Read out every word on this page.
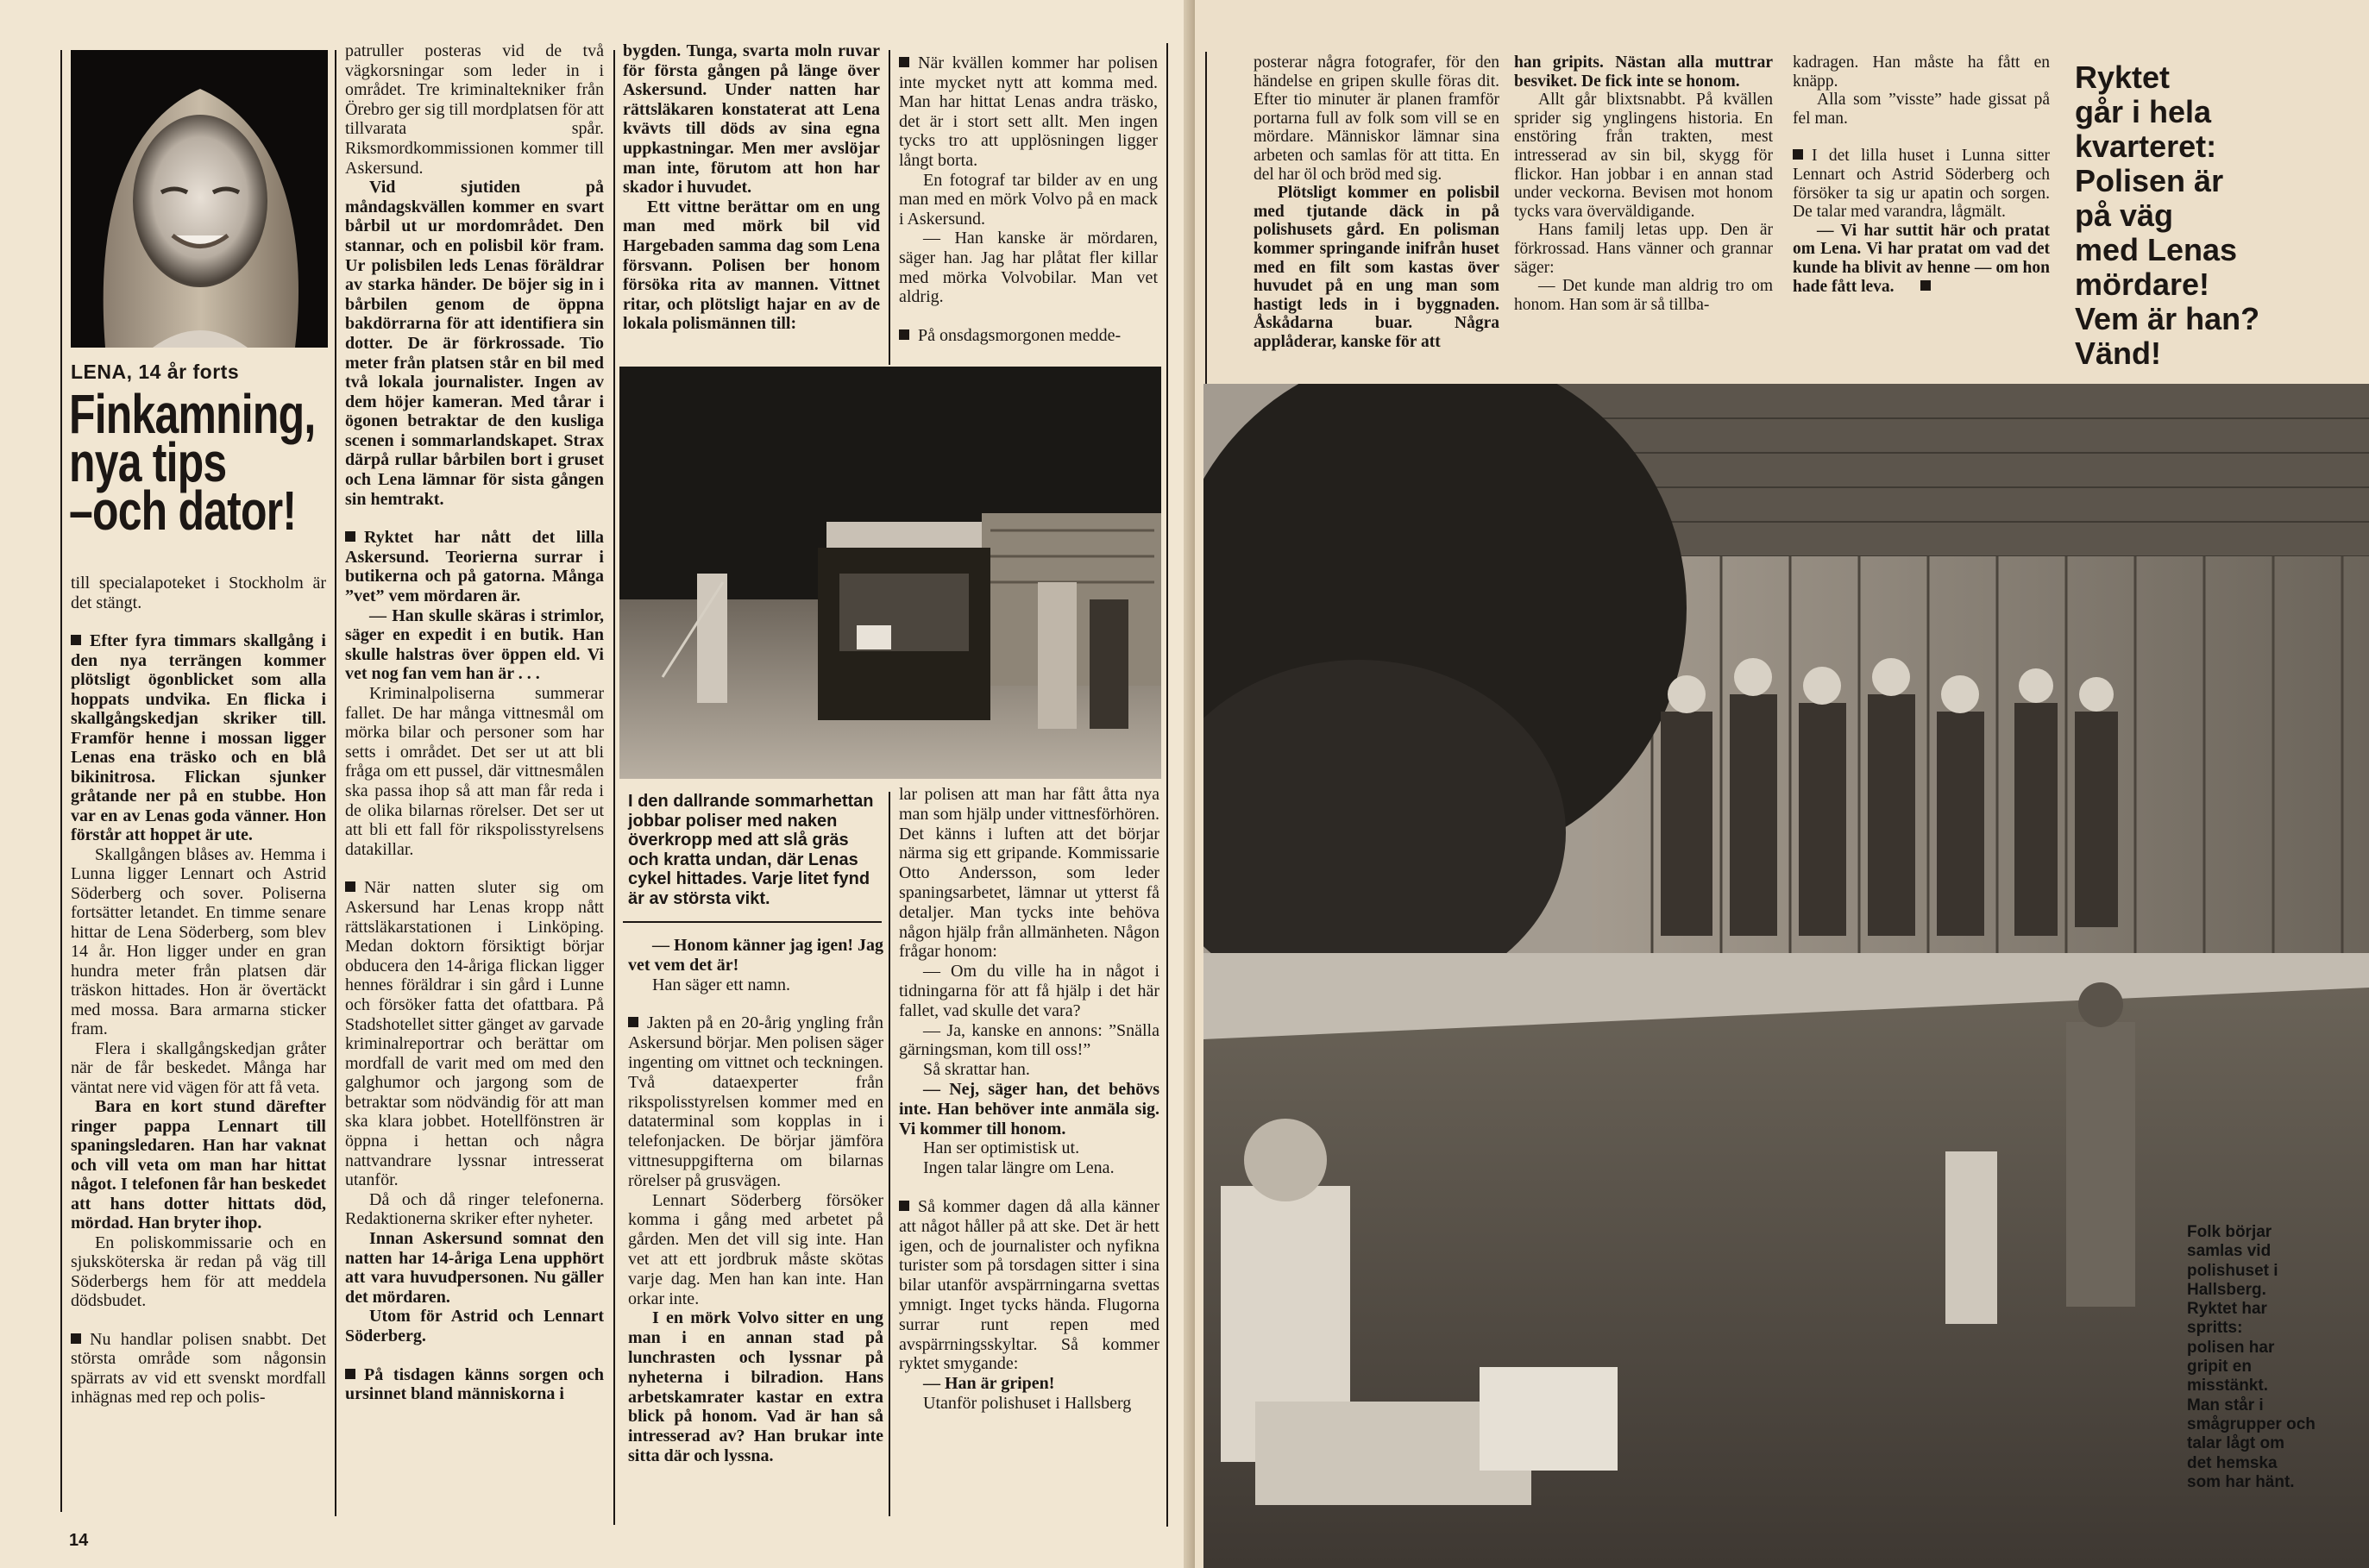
LENA, 14 år forts
Finkamning,
nya tips
–och dator!

till specialapoteket i Stockholm är det stängt.

Efter fyra timmars skallgång i den nya terrängen kommer plötsligt ögonblicket som alla hoppats undvika. En flicka i skallgångskedjan skriker till. Framför henne i mossan ligger Lenas ena träsko och en blå bikinitrosa. Flickan sjunker gråtande ner på en stubbe. Hon var en av Lenas goda vänner. Hon förstår att hoppet är ute.

Skallgången blåses av. Hemma i Lunna ligger Lennart och Astrid Söderberg och sover. Poliserna fortsätter letandet. En timme senare hittar de Lena Söderberg, som blev 14 år. Hon ligger under en gran hundra meter från platsen där träskon hittades. Hon är övertäckt med mossa. Bara armarna sticker fram.

Flera i skallgångskedjan gråter när de får beskedet. Många har väntat nere vid vägen för att få veta.

Bara en kort stund därefter ringer pappa Lennart till spaningsledaren. Han har vaknat och vill veta om man har hittat något. I telefonen får han beskedet att hans dotter hittats död, mördad. Han bryter ihop.

En poliskommissarie och en sjuksköterska är redan på väg till Söderbergs hem för att meddela dödsbudet.

Nu handlar polisen snabbt. Det största område som någonsin spärrats av vid ett svenskt mordfall inhägnas med rep och polis-

patruller posteras vid de två vägkorsningar som leder in i området. Tre kriminaltekniker från Örebro ger sig till mordplatsen för att tillvarata spår. Riksmordkommissionen kommer till Askersund.

Vid sjutiden på måndagskvällen kommer en svart bårbil ut ur mordområdet. Den stannar, och en polisbil kör fram. Ur polisbilen leds Lenas föräldrar av starka händer. De böjer sig in i bårbilen genom de öppna bakdörrarna för att identifiera sin dotter. De är förkrossade. Tio meter från platsen står en bil med två lokala journalister. Ingen av dem höjer kameran. Med tårar i ögonen betraktar de den kusliga scenen i sommarlandskapet. Strax därpå rullar bårbilen bort i gruset och Lena lämnar för sista gången sin hemtrakt.

Ryktet har nått det lilla Askersund. Teorierna surrar i butikerna och på gatorna. Många ”vet” vem mördaren är.

— Han skulle skäras i strimlor, säger en expedit i en butik. Han skulle halstras över öppen eld. Vi vet nog fan vem han är . . .

Kriminalpoliserna summerar fallet. De har många vittnesmål om mörka bilar och personer som har setts i området. Det ser ut att bli fråga om ett pussel, där vittnesmålen ska passa ihop så att man får reda i de olika bilarnas rörelser. Det ser ut att bli ett fall för rikspolisstyrelsens datakillar.

När natten sluter sig om Askersund har Lenas kropp nått rättsläkarstationen i Linköping. Medan doktorn försiktigt börjar obducera den 14-åriga flickan ligger hennes föräldrar i sin gård i Lunne och försöker fatta det ofattbara. På Stadshotellet sitter gänget av garvade kriminalreportrar och berättar om mordfall de varit med om med den galghumor och jargong som de betraktar som nödvändig för att man ska klara jobbet. Hotellfönstren är öppna i hettan och några nattvandrare lyssnar intresserat utanför.

Då och då ringer telefonerna. Redaktionerna skriker efter nyheter.

Innan Askersund somnat den natten har 14-åriga Lena upphört att vara huvudpersonen. Nu gäller det mördaren.

Utom för Astrid och Lennart Söderberg.

På tisdagen känns sorgen och ursinnet bland människorna i

bygden. Tunga, svarta moln ruvar för första gången på länge över Askersund. Under natten har rättsläkaren konstaterat att Lena kvävts till döds av sina egna uppkastningar. Men mer avslöjar man inte, förutom att hon har skador i huvudet.

Ett vittne berättar om en ung man med mörk bil vid Hargebaden samma dag som Lena försvann. Polisen ber honom försöka rita av mannen. Vittnet ritar, och plötsligt hajar en av de lokala polismännen till:

När kvällen kommer har polisen inte mycket nytt att komma med. Man har hittat Lenas andra träsko, det är i stort sett allt. Men ingen tycks tro att upplösningen ligger långt borta.

En fotograf tar bilder av en ung man med en mörk Volvo på en mack i Askersund.

— Han kanske är mördaren, säger han. Jag har plåtat fler killar med mörka Volvobilar. Man vet aldrig.

På onsdagsmorgonen medde-

I den dallrande sommarhettan jobbar poliser med naken överkropp med att slå gräs och kratta undan, där Lenas cykel hittades. Varje litet fynd är av största vikt.

— Honom känner jag igen! Jag vet vem det är!

Han säger ett namn.

Jakten på en 20-årig yngling från Askersund börjar. Men polisen säger ingenting om vittnet och teckningen. Två dataexperter från rikspolisstyrelsen kommer med en dataterminal som kopplas in i telefonjacken. De börjar jämföra vittnesuppgifterna om bilarnas rörelser på grusvägen.

Lennart Söderberg försöker komma i gång med arbetet på gården. Men det vill sig inte. Han vet att ett jordbruk måste skötas varje dag. Men han kan inte. Han orkar inte.

I en mörk Volvo sitter en ung man i en annan stad på lunchrasten och lyssnar på nyheterna i bilradion. Hans arbetskamrater kastar en extra blick på honom. Vad är han så intresserad av? Han brukar inte sitta där och lyssna.

lar polisen att man har fått åtta nya man som hjälp under vittnesförhören. Det känns i luften att det börjar närma sig ett gripande. Kommissarie Otto Andersson, som leder spaningsarbetet, lämnar ut ytterst få detaljer. Man tycks inte behöva någon hjälp från allmänheten. Någon frågar honom:

— Om du ville ha in något i tidningarna för att få hjälp i det här fallet, vad skulle det vara?

— Ja, kanske en annons: ”Snälla gärningsman, kom till oss!”

Så skrattar han.

— Nej, säger han, det behövs inte. Han behöver inte anmäla sig. Vi kommer till honom.

Han ser optimistisk ut.

Ingen talar längre om Lena.

Så kommer dagen då alla känner att något håller på att ske. Det är hett igen, och de journalister och nyfikna turister som på torsdagen sitter i sina bilar utanför avspärrningarna svettas ymnigt. Inget tycks hända. Flugorna surrar runt repen med avspärrningsskyltar. Så kommer ryktet smygande:

— Han är gripen!

Utanför polishuset i Hallsberg

14

posterar några fotografer, för den händelse en gripen skulle föras dit. Efter tio minuter är planen framför portarna full av folk som vill se en mördare. Människor lämnar sina arbeten och samlas för att titta. En del har öl och bröd med sig.

Plötsligt kommer en polisbil med tjutande däck in på polishusets gård. En polisman kommer springande inifrån huset med en filt som kastas över huvudet på en ung man som hastigt leds in i byggnaden. Åskådarna buar. Några applåderar, kanske för att

han gripits. Nästan alla muttrar besviket. De fick inte se honom.

Allt går blixtsnabbt. På kvällen sprider sig ynglingens historia. En enstöring från trakten, mest intresserad av sin bil, skygg för flickor. Han jobbar i en annan stad under veckorna. Bevisen mot honom tycks vara överväldigande.

Hans familj letas upp. Den är förkrossad. Hans vänner och grannar säger:

— Det kunde man aldrig tro om honom. Han som är så tillba-

kadragen. Han måste ha fått en knäpp.

Alla som ”visste” hade gissat på fel man.

I det lilla huset i Lunna sitter Lennart och Astrid Söderberg och försöker ta sig ur apatin och sorgen. De talar med varandra, lågmält.

— Vi har suttit här och pratat om Lena. Vi har pratat om vad det kunde ha blivit av henne — om hon hade fått leva.

Ryktet
går i hela
kvarteret:
Polisen är
på väg
med Lenas
mördare!
Vem är han?
Vänd!
Folk börjar
samlas vid
polishuset i
Hallsberg.
Ryktet har
spritts:
polisen har
gripit en
misstänkt.
Man står i
smågrupper och
talar lågt om
det hemska
som har hänt.
